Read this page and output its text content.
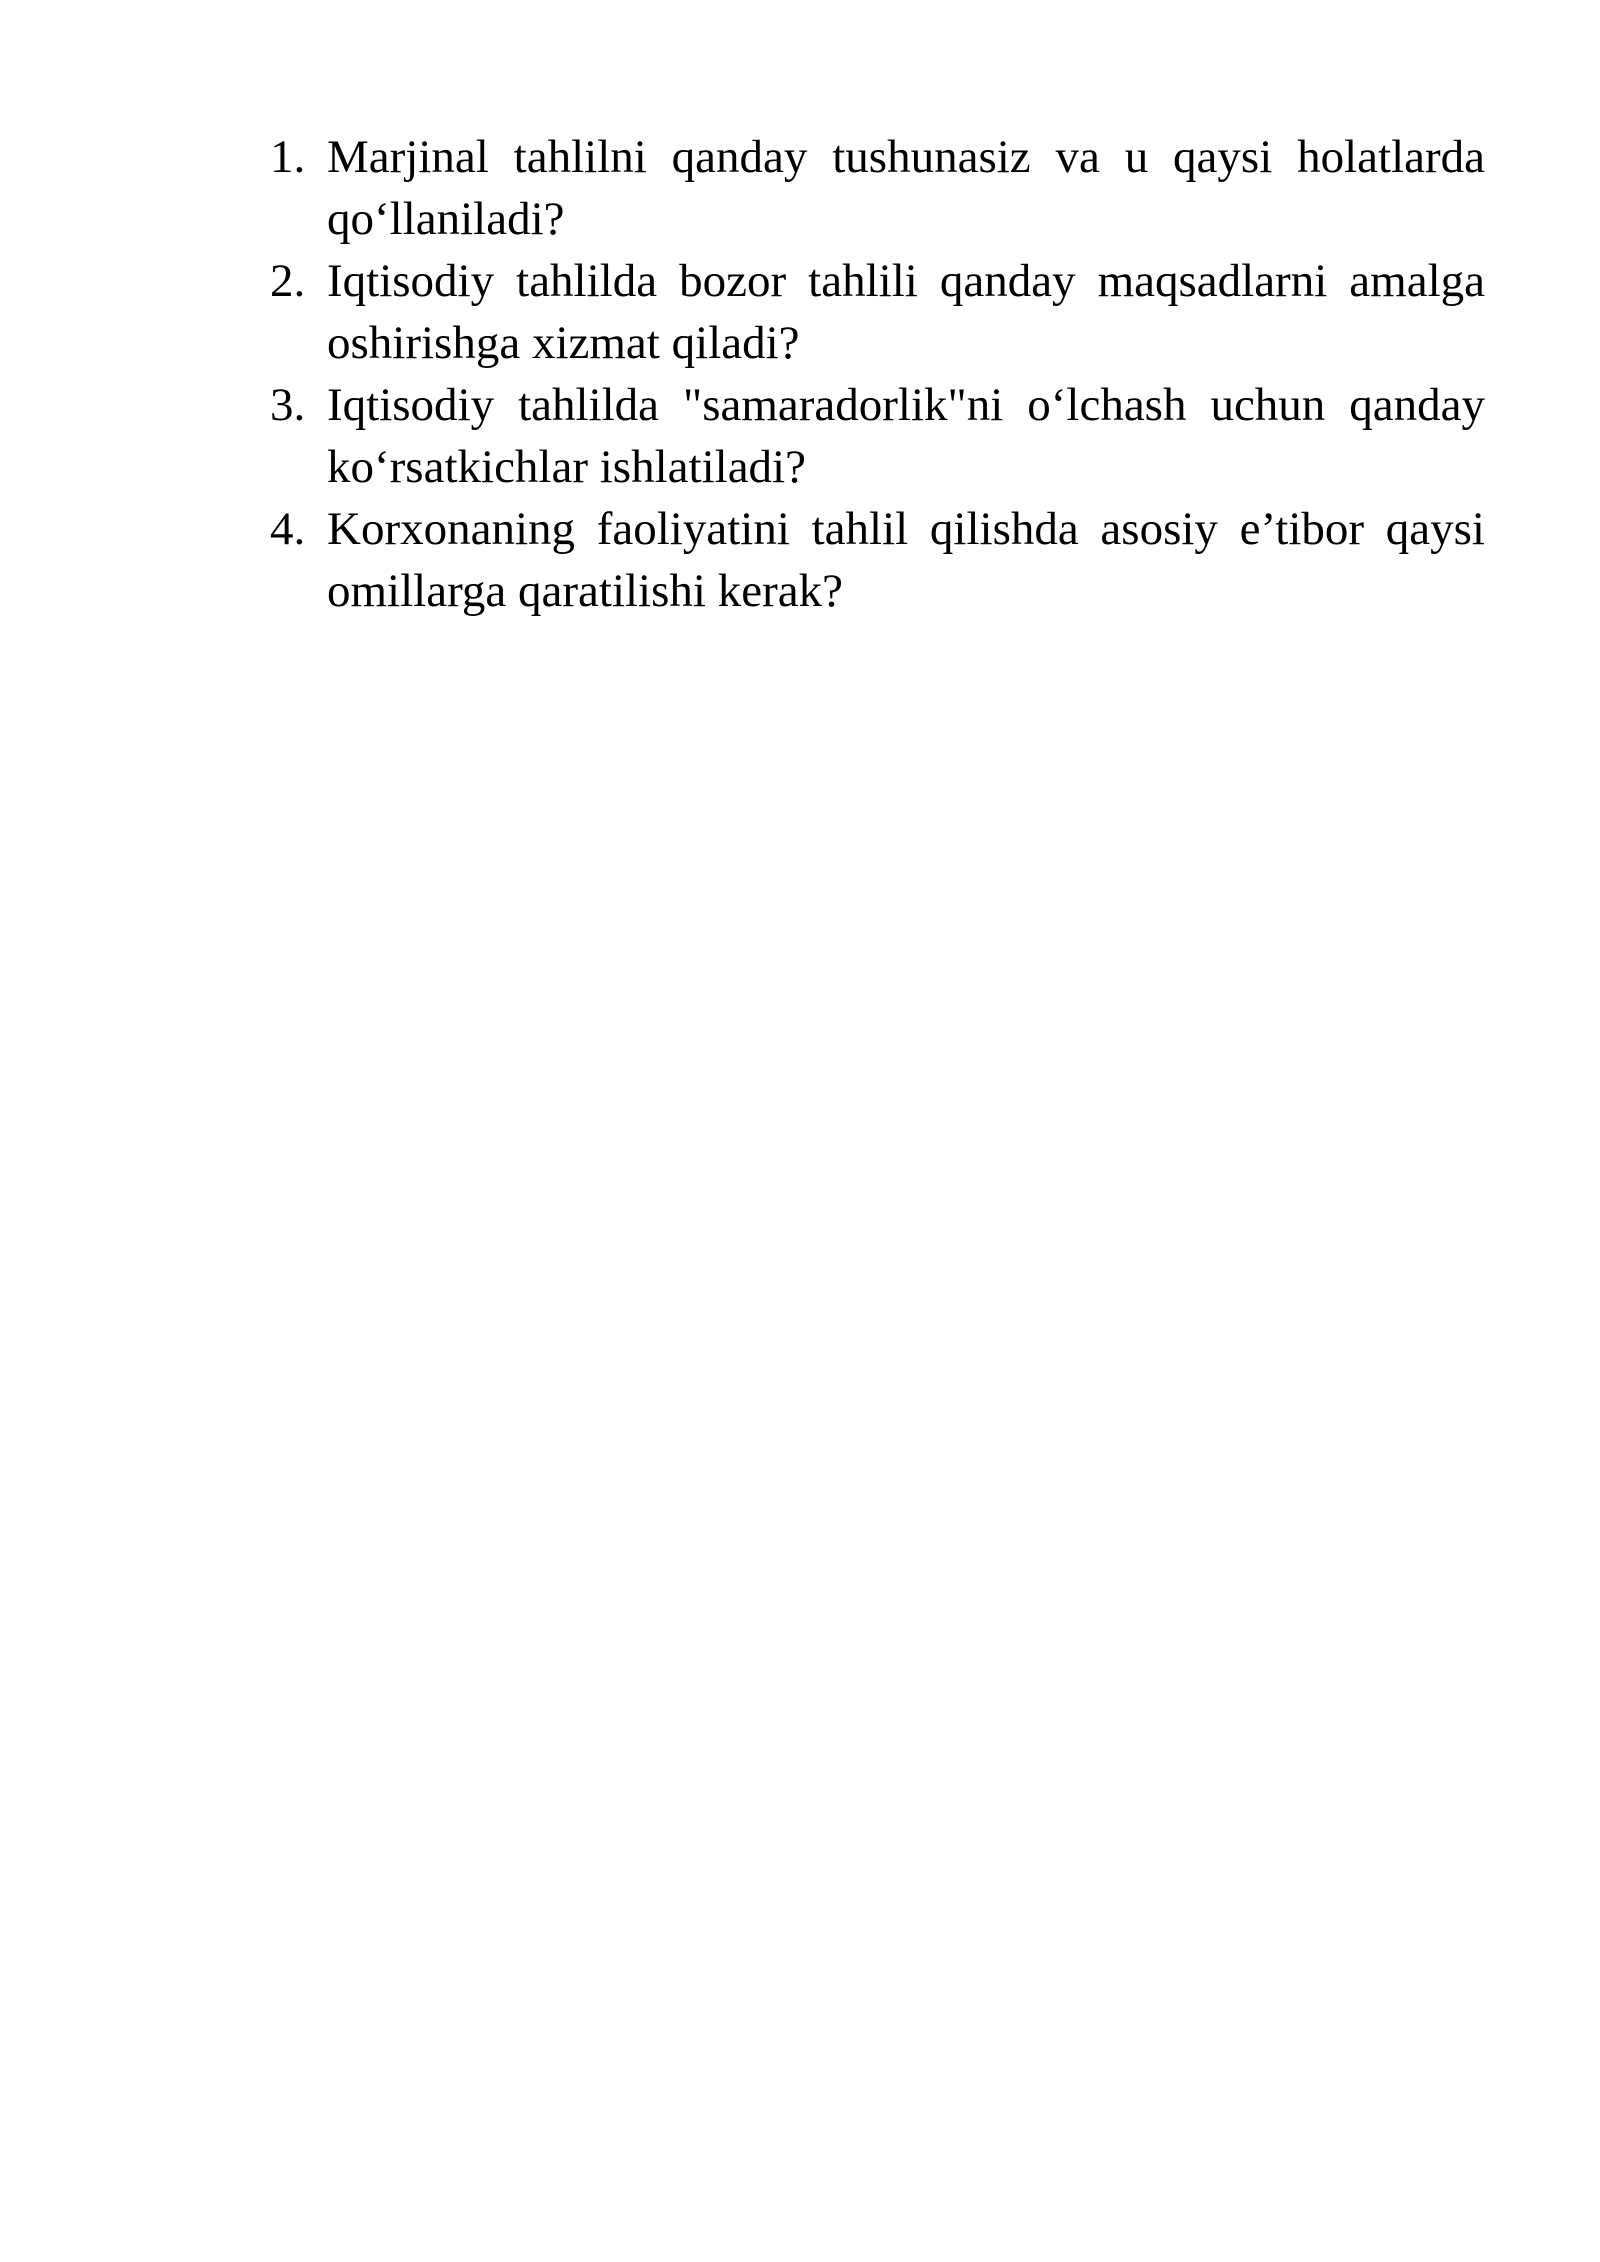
1. Marjinal tahlilni qanday tushunasiz va u qaysi holatlarda qo‘llaniladi?
2. Iqtisodiy tahlilda bozor tahlili qanday maqsadlarni amalga oshirishga xizmat qiladi?
3. Iqtisodiy tahlilda "samaradorlik"ni o‘lchash uchun qanday ko‘rsatkichlar ishlatiladi?
4. Korxonaning faoliyatini tahlil qilishda asosiy e’tibor qaysi omillarga qaratilishi kerak?
